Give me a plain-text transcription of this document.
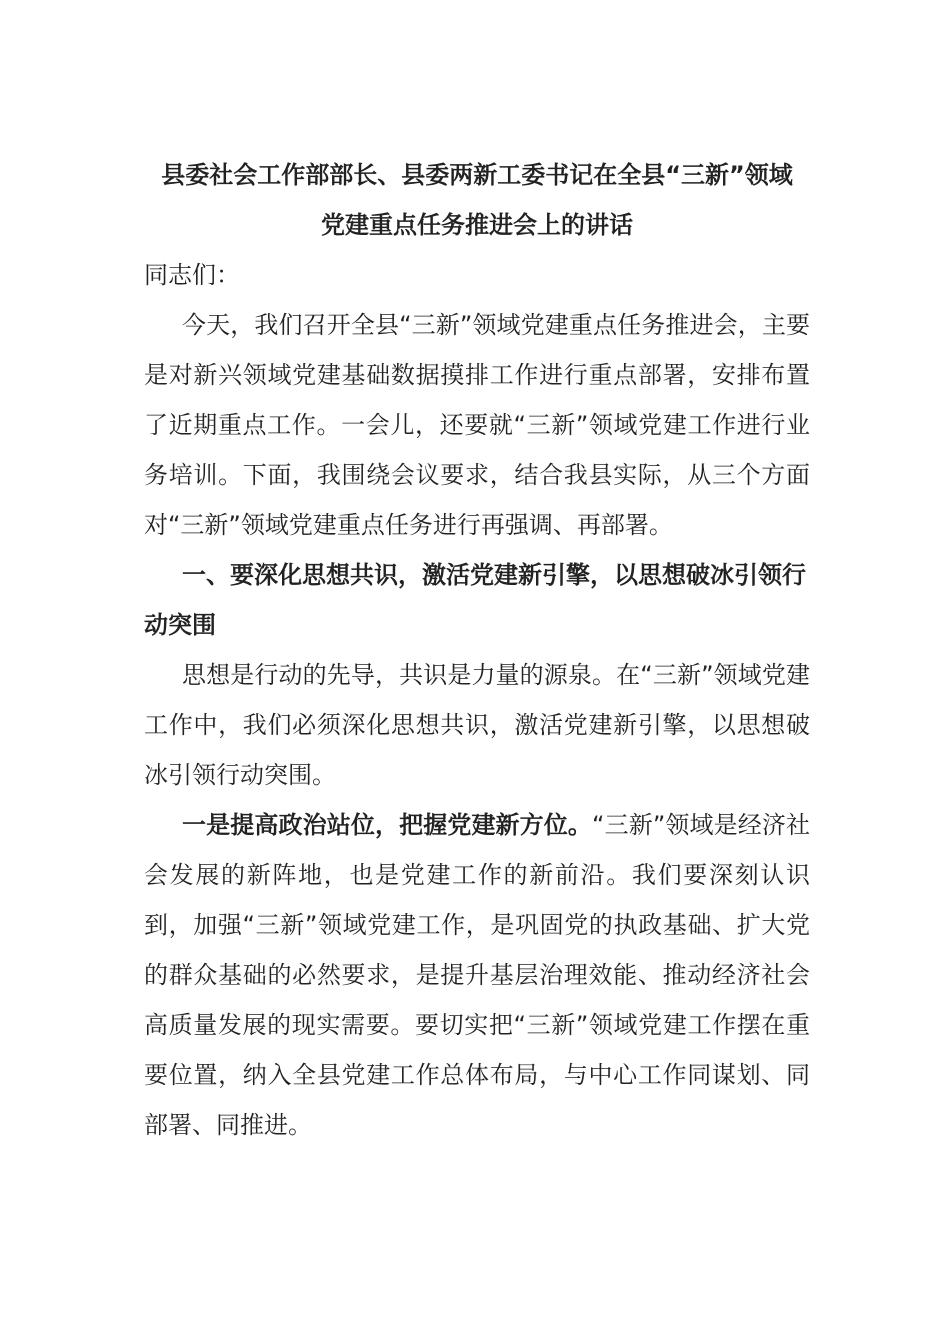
县委社会工作部部长、县委两新工委书记在全县“三新”领域
党建重点任务推进会上的讲话

同志们：

今天，我们召开全县“三新”领域党建重点任务推进会，主要是对新兴领域党建基础数据摸排工作进行重点部署，安排布置了近期重点工作。一会儿，还要就“三新”领域党建工作进行业务培训。下面，我围绕会议要求，结合我县实际，从三个方面对“三新”领域党建重点任务进行再强调、再部署。

一、要深化思想共识，激活党建新引擎，以思想破冰引领行动突围

思想是行动的先导，共识是力量的源泉。在“三新”领域党建工作中，我们必须深化思想共识，激活党建新引擎，以思想破冰引领行动突围。

一是提高政治站位，把握党建新方位。“三新”领域是经济社会发展的新阵地，也是党建工作的新前沿。我们要深刻认识到，加强“三新”领域党建工作，是巩固党的执政基础、扩大党的群众基础的必然要求，是提升基层治理效能、推动经济社会高质量发展的现实需要。要切实把“三新”领域党建工作摆在重要位置，纳入全县党建工作总体布局，与中心工作同谋划、同部署、同推进。
